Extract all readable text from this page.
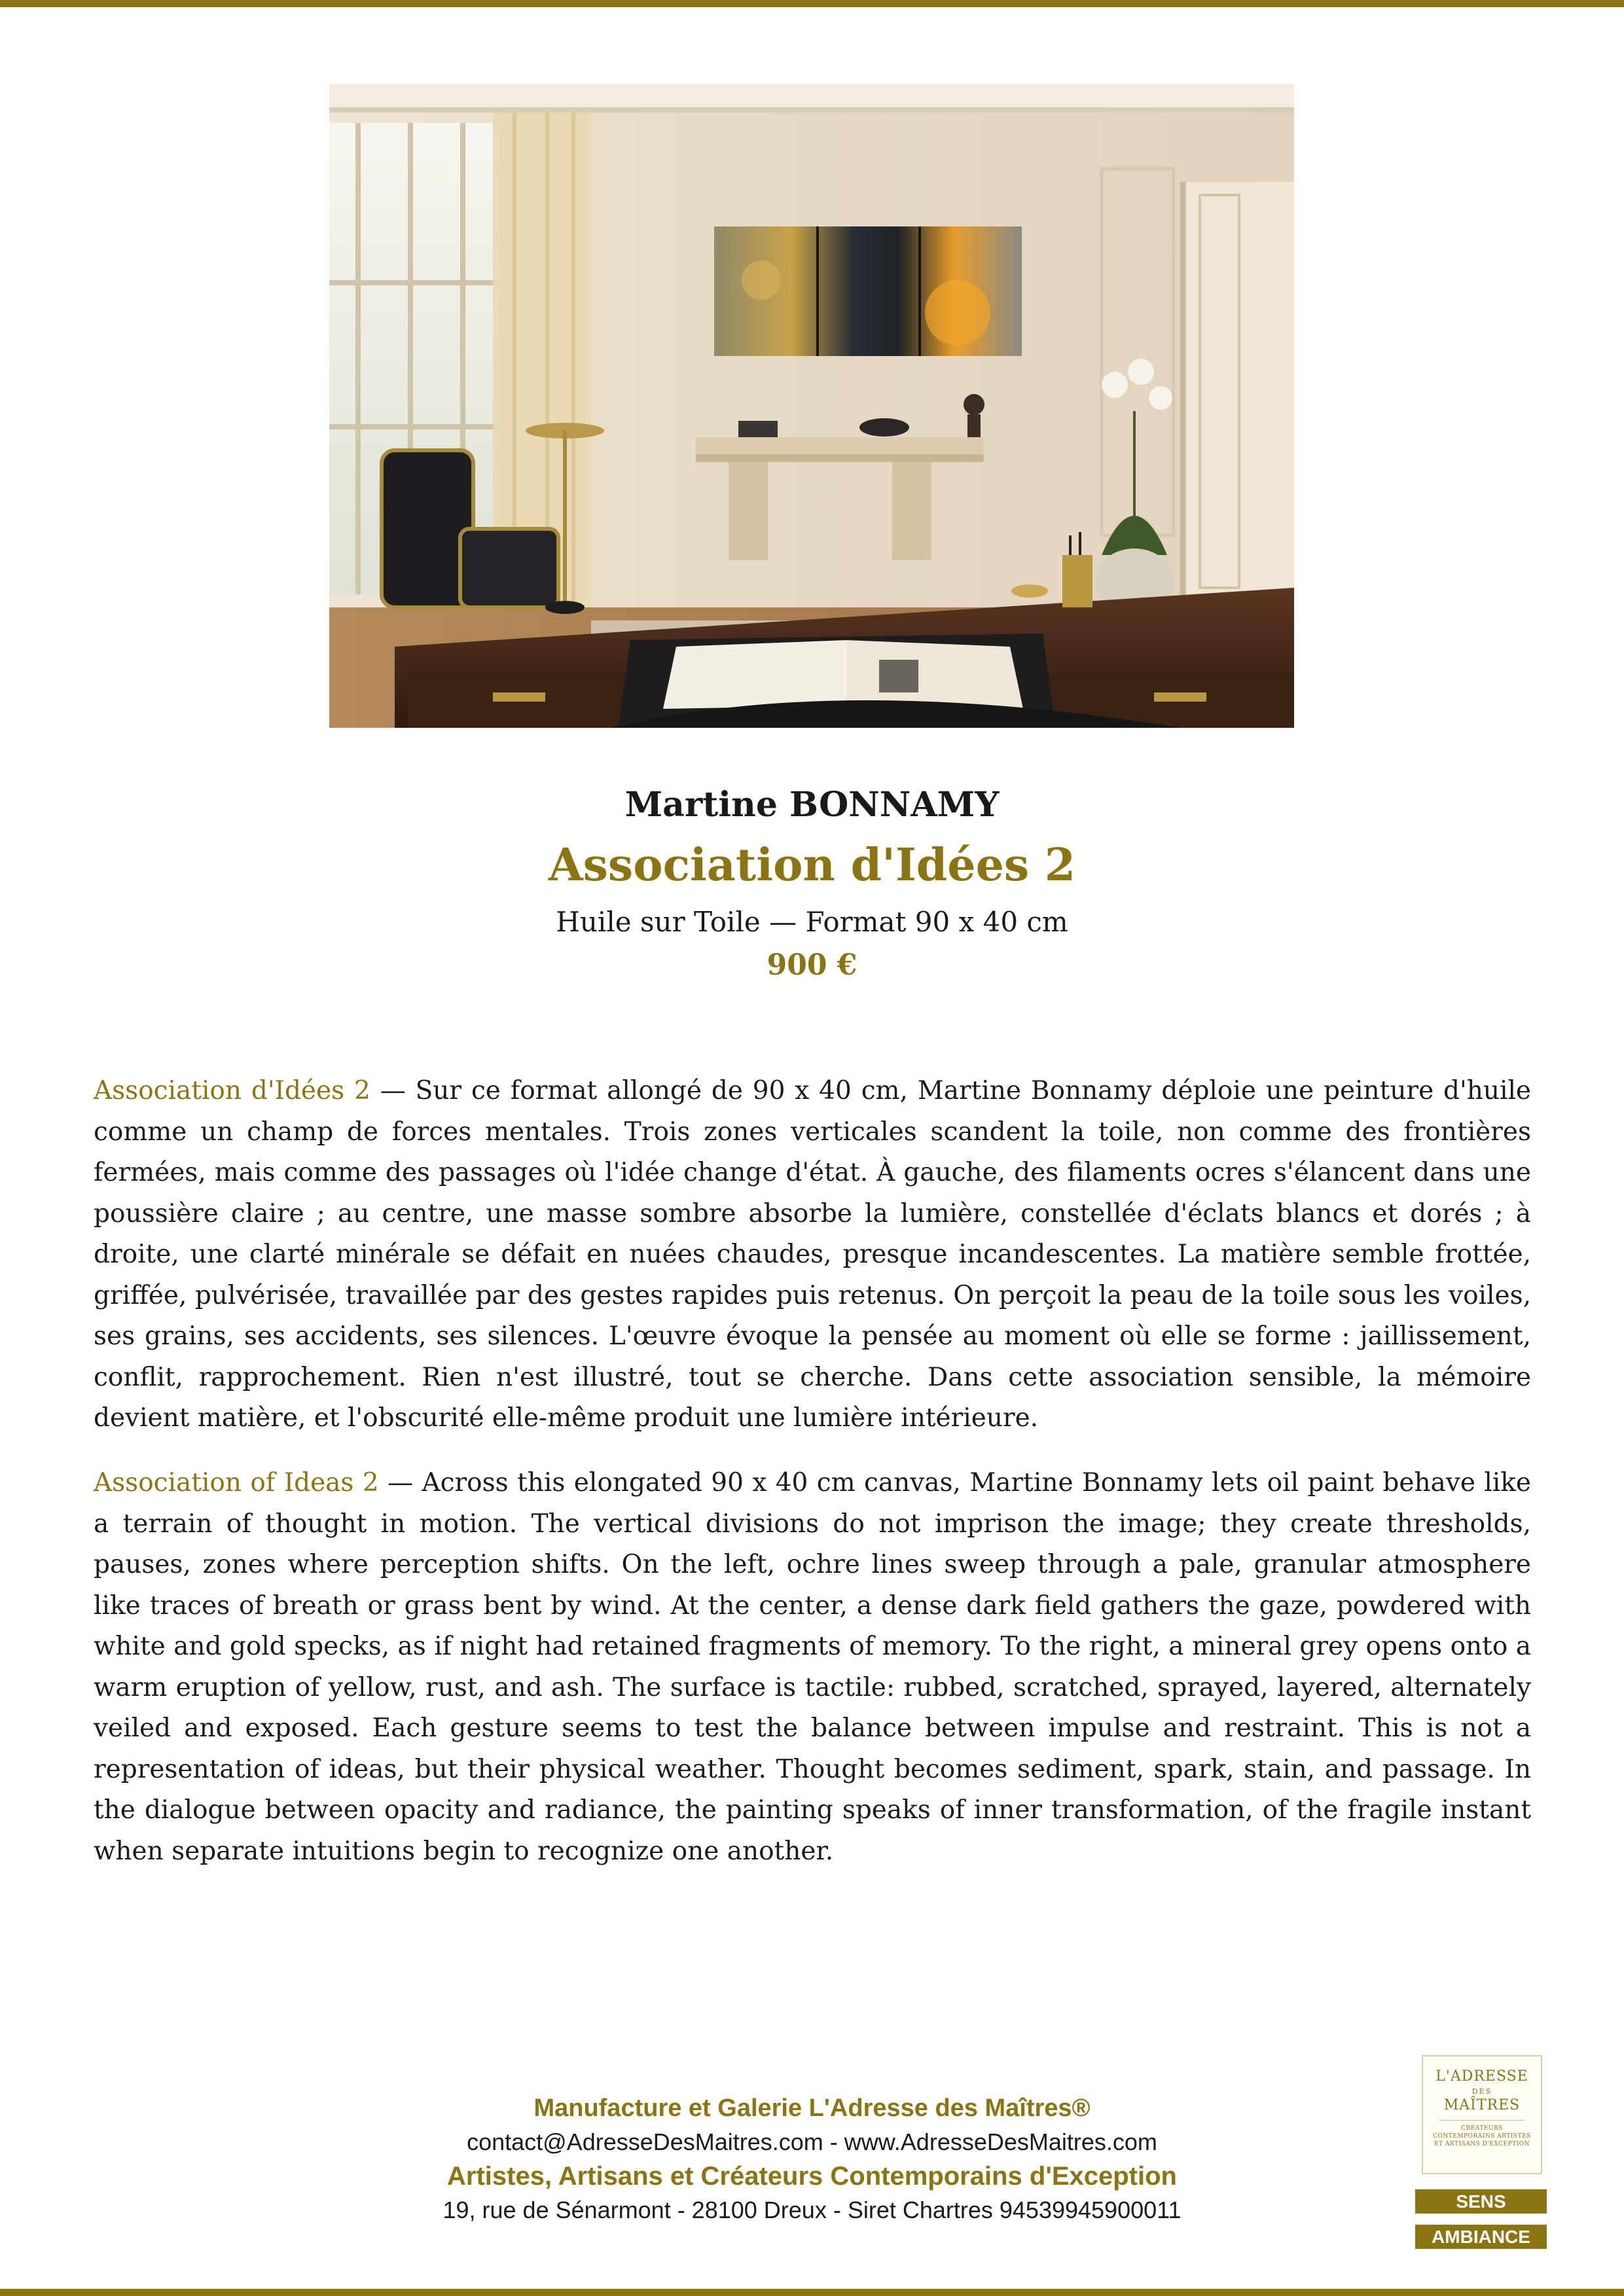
Martine BONNAMY
Association d'Idées 2
Huile sur Toile — Format 90 x 40 cm
900 €

Association d'Idées 2 — Sur ce format allongé de 90 x 40 cm, Martine Bonnamy déploie une peinture d'huile comme un champ de forces mentales. Trois zones verticales scandent la toile, non comme des frontières fermées, mais comme des passages où l'idée change d'état. À gauche, des filaments ocres s'élancent dans une poussière claire ; au centre, une masse sombre absorbe la lumière, constellée d'éclats blancs et dorés ; à droite, une clarté minérale se défait en nuées chaudes, presque incandescentes. La matière semble frottée, griffée, pulvérisée, travaillée par des gestes rapides puis retenus. On perçoit la peau de la toile sous les voiles, ses grains, ses accidents, ses silences. L'œuvre évoque la pensée au moment où elle se forme : jaillissement, conflit, rapprochement. Rien n'est illustré, tout se cherche. Dans cette association sensible, la mémoire devient matière, et l'obscurité elle-même produit une lumière intérieure.

Association of Ideas 2 — Across this elongated 90 x 40 cm canvas, Martine Bonnamy lets oil paint behave like a terrain of thought in motion. The vertical divisions do not imprison the image; they create thresholds, pauses, zones where perception shifts. On the left, ochre lines sweep through a pale, granular atmosphere like traces of breath or grass bent by wind. At the center, a dense dark field gathers the gaze, powdered with white and gold specks, as if night had retained fragments of memory. To the right, a mineral grey opens onto a warm eruption of yellow, rust, and ash. The surface is tactile: rubbed, scratched, sprayed, layered, alternately veiled and exposed. Each gesture seems to test the balance between impulse and restraint. This is not a representation of ideas, but their physical weather. Thought becomes sediment, spark, stain, and passage. In the dialogue between opacity and radiance, the painting speaks of inner transformation, of the fragile instant when separate intuitions begin to recognize one another.

Manufacture et Galerie L'Adresse des Maîtres®
contact@AdresseDesMaitres.com - www.AdresseDesMaitres.com
Artistes, Artisans et Créateurs Contemporains d'Exception
19, rue de Sénarmont - 28100 Dreux - Siret Chartres 94539945900011
L'ADRESSE
DES
MAÎTRES
CRÉATEURS CONTEMPORAINS ARTISTES ET ARTISANS D'EXCEPTION
SENS
AMBIANCE
